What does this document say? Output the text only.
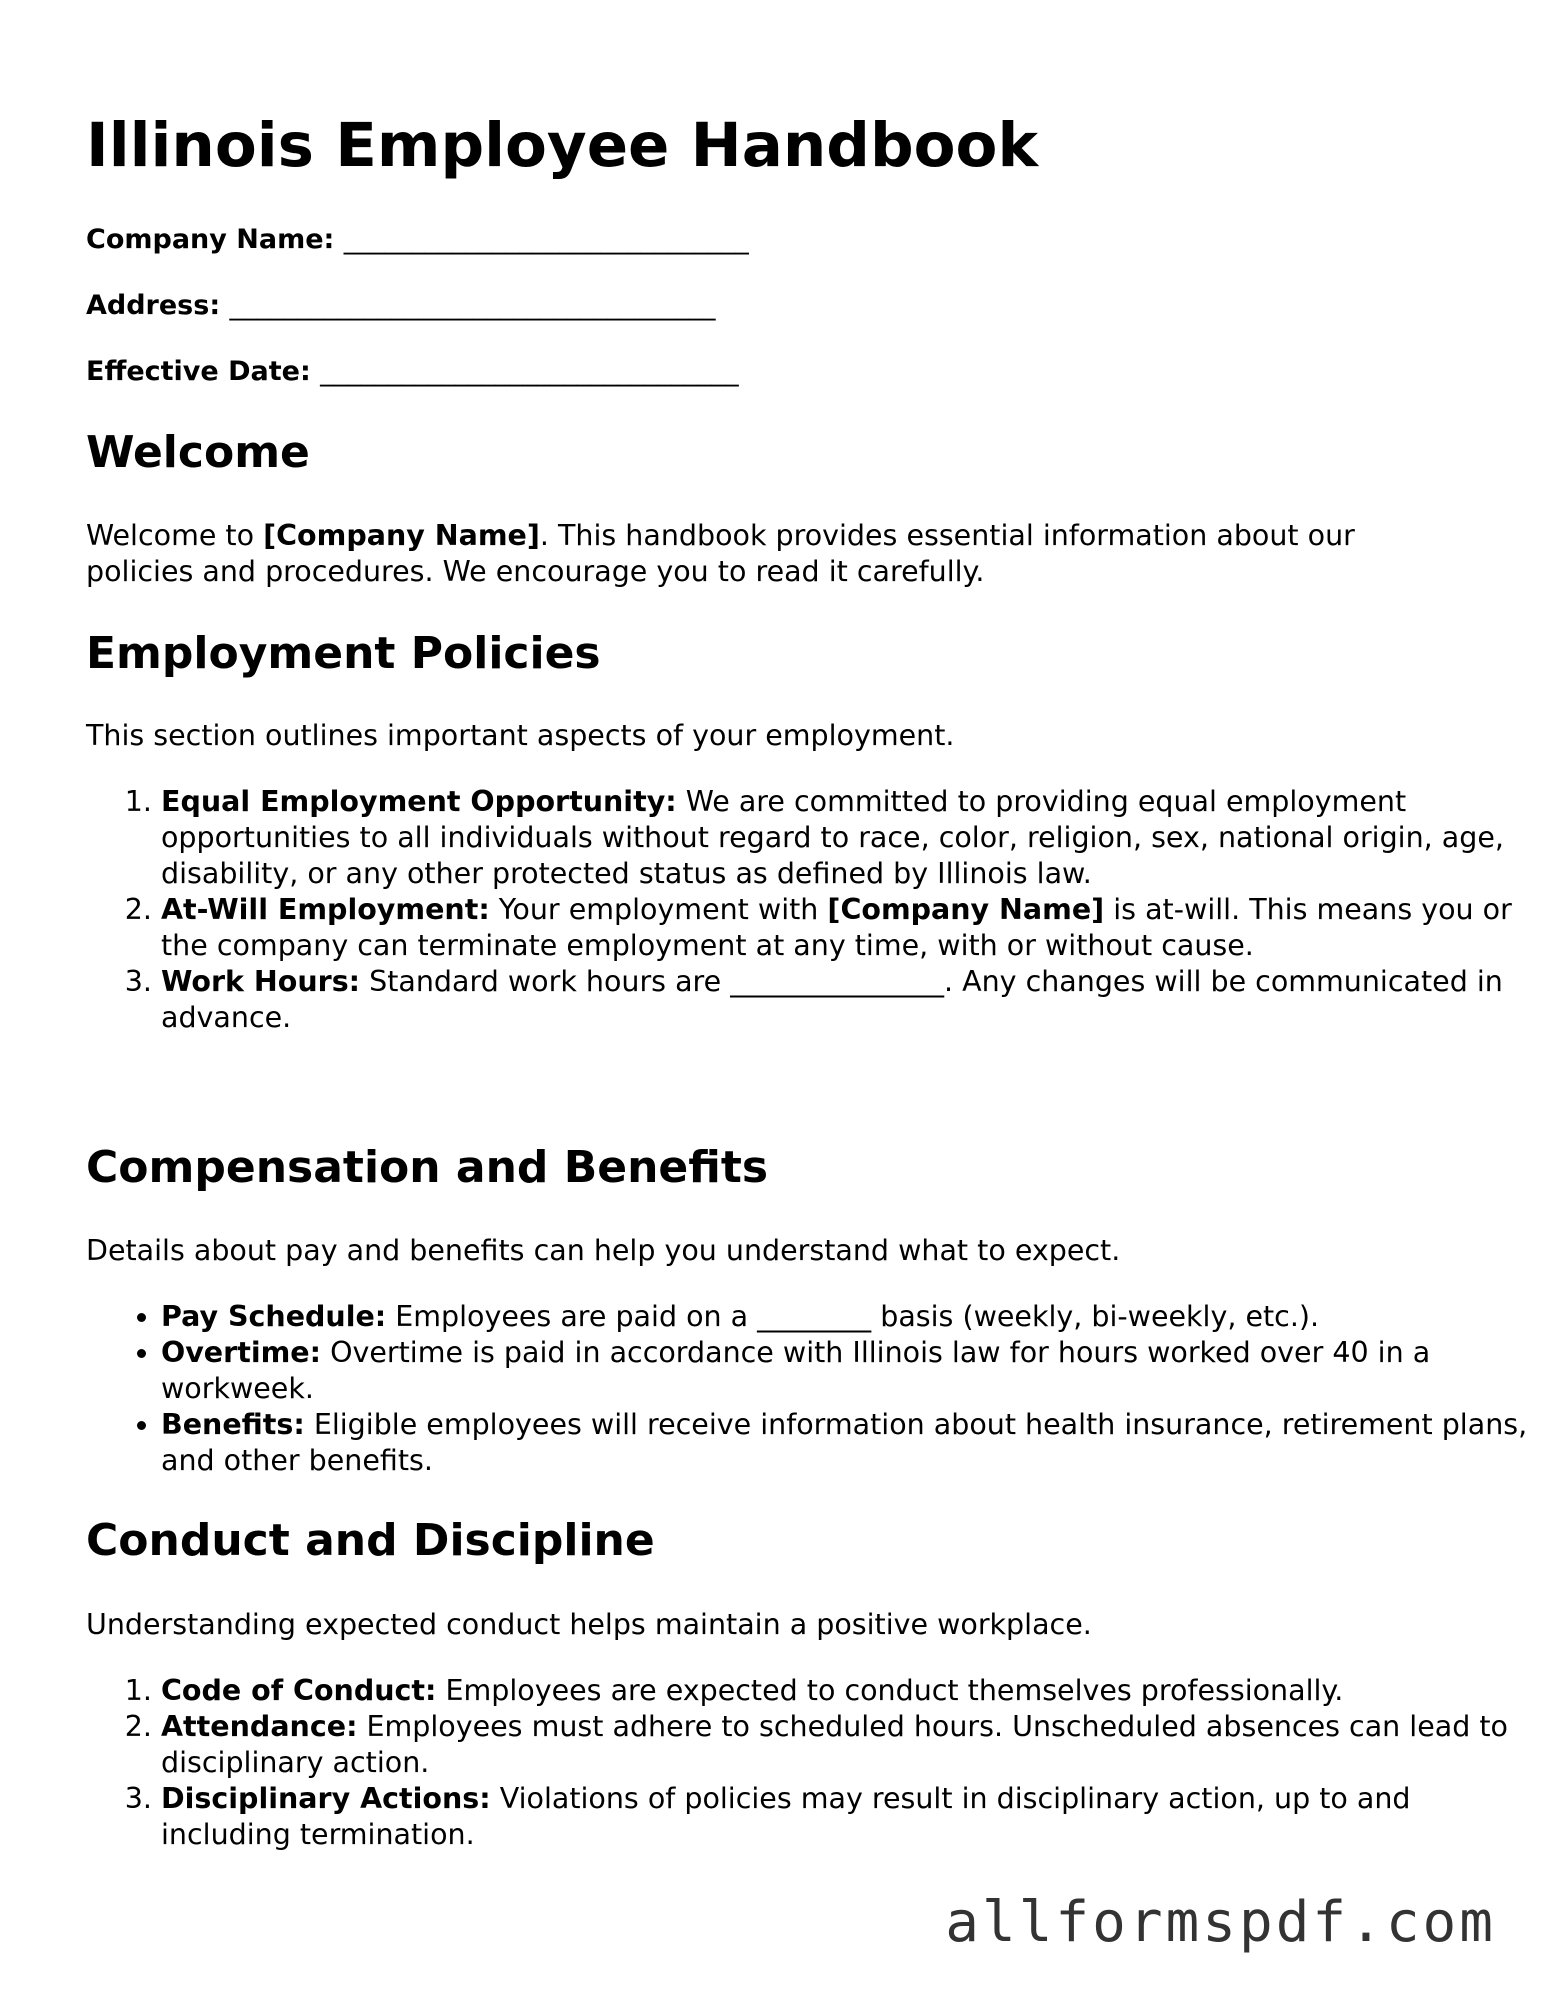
Illinois Employee Handbook
Company Name: ______________________________
Address: ____________________________________
Effective Date: _______________________________
Welcome

Welcome to [Company Name]. This handbook provides essential information about our policies and procedures. We encourage you to read it carefully.

Employment Policies

This section outlines important aspects of your employment.

1. Equal Employment Opportunity: We are committed to providing equal employment opportunities to all individuals without regard to race, color, religion, sex, national origin, age, disability, or any other protected status as defined by Illinois law.
2. At-Will Employment: Your employment with [Company Name] is at-will. This means you or the company can terminate employment at any time, with or without cause.
3. Work Hours: Standard work hours are _______________. Any changes will be communicated in advance.
Compensation and Benefits

Details about pay and benefits can help you understand what to expect.

• Pay Schedule: Employees are paid on a ________ basis (weekly, bi-weekly, etc.).
• Overtime: Overtime is paid in accordance with Illinois law for hours worked over 40 in a workweek.
• Benefits: Eligible employees will receive information about health insurance, retirement plans, and other benefits.
Conduct and Discipline

Understanding expected conduct helps maintain a positive workplace.

1. Code of Conduct: Employees are expected to conduct themselves professionally.
2. Attendance: Employees must adhere to scheduled hours. Unscheduled absences can lead to disciplinary action.
3. Disciplinary Actions: Violations of policies may result in disciplinary action, up to and including termination.
allformspdf.com
